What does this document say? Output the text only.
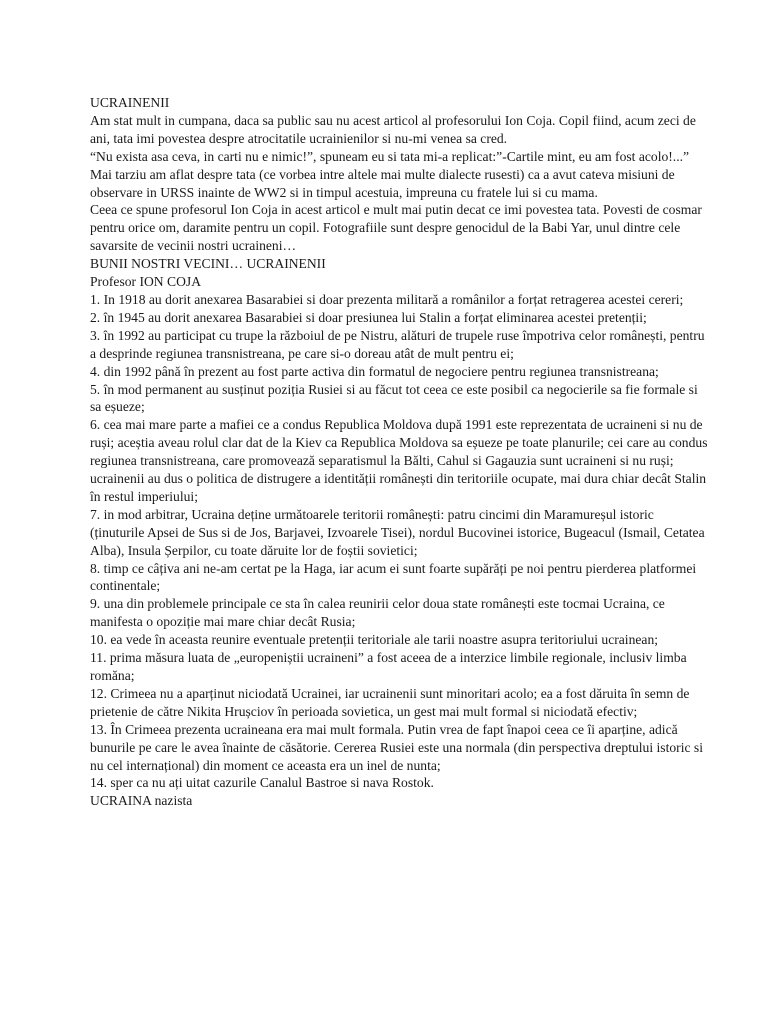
UCRAINENII

Am stat mult in cumpana, daca sa public sau nu acest articol al profesorului Ion Coja. Copil fiind, acum zeci de ani, tata imi povestea despre atrocitatile ucrainienilor si nu-mi venea sa cred.

“Nu exista asa ceva, in carti nu e nimic!”, spuneam eu si tata mi-a replicat:”-Cartile mint, eu am fost acolo!...” Mai tarziu am aflat despre tata (ce vorbea intre altele mai multe dialecte rusesti) ca a avut cateva misiuni de observare in URSS inainte de WW2 si in timpul acestuia, impreuna cu fratele lui si cu mama.

Ceea ce spune profesorul Ion Coja in acest articol e mult mai putin decat ce imi povestea tata. Povesti de cosmar pentru orice om, daramite pentru un copil. Fotografiile sunt despre genocidul de la Babi Yar, unul dintre cele savarsite de vecinii nostri ucraineni…

BUNII NOSTRI VECINI… UCRAINENII

Profesor ION COJA

1. In 1918 au dorit anexarea Basarabiei si doar prezenta militară a românilor a forțat retragerea acestei cereri;

2. în 1945 au dorit anexarea Basarabiei si doar presiunea lui Stalin a forțat eliminarea acestei pretenții;

3. în 1992 au participat cu trupe la războiul de pe Nistru, alături de trupele ruse împotriva celor românești, pentru a desprinde regiunea transnistreana, pe care si-o doreau atât de mult pentru ei;

4. din 1992 până în prezent au fost parte activa din formatul de negociere pentru regiunea transnistreana;

5. în mod permanent au susținut poziția Rusiei si au făcut tot ceea ce este posibil ca negocierile sa fie formale si sa eșueze;

6. cea mai mare parte a mafiei ce a condus Republica Moldova după 1991 este reprezentata de ucraineni si nu de ruși; aceștia aveau rolul clar dat de la Kiev ca Republica Moldova sa eșueze pe toate planurile; cei care au condus regiunea transnistreana, care promovează separatismul la Bălti, Cahul si Gagauzia sunt ucraineni si nu ruși; ucrainenii au dus o politica de distrugere a identității românești din teritoriile ocupate, mai dura chiar decât Stalin în restul imperiului;

7. in mod arbitrar, Ucraina deține următoarele teritorii românești: patru cincimi din Maramureșul istoric (ținuturile Apsei de Sus si de Jos, Barjavei, Izvoarele Tisei), nordul Bucovinei istorice, Bugeacul (Ismail, Cetatea Alba), Insula Șerpilor, cu toate dăruite lor de foștii sovietici;

8. timp ce câțiva ani ne-am certat pe la Haga, iar acum ei sunt foarte supărăți pe noi pentru pierderea platformei continentale;

9. una din problemele principale ce sta în calea reunirii celor doua state românești este tocmai Ucraina, ce manifesta o opoziție mai mare chiar decât Rusia;

10. ea vede în aceasta reunire eventuale pretenții teritoriale ale tarii noastre asupra teritoriului ucrainean;

11. prima măsura luata de „europeniștii ucraineni” a fost aceea de a interzice limbile regionale, inclusiv limba romăna;

12. Crimeea nu a aparținut niciodată Ucrainei, iar ucrainenii sunt minoritari acolo; ea a fost dăruita în semn de prietenie de către Nikita Hrușciov în perioada sovietica, un gest mai mult formal si niciodată efectiv;

13. În Crimeea prezenta ucraineana era mai mult formala. Putin vrea de fapt înapoi ceea ce îi aparține, adică bunurile pe care le avea înainte de căsătorie. Cererea Rusiei este una normala (din perspectiva dreptului istoric si nu cel internațional) din moment ce aceasta era un inel de nunta;

14. sper ca nu ați uitat cazurile Canalul Bastroe si nava Rostok.

UCRAINA nazista
